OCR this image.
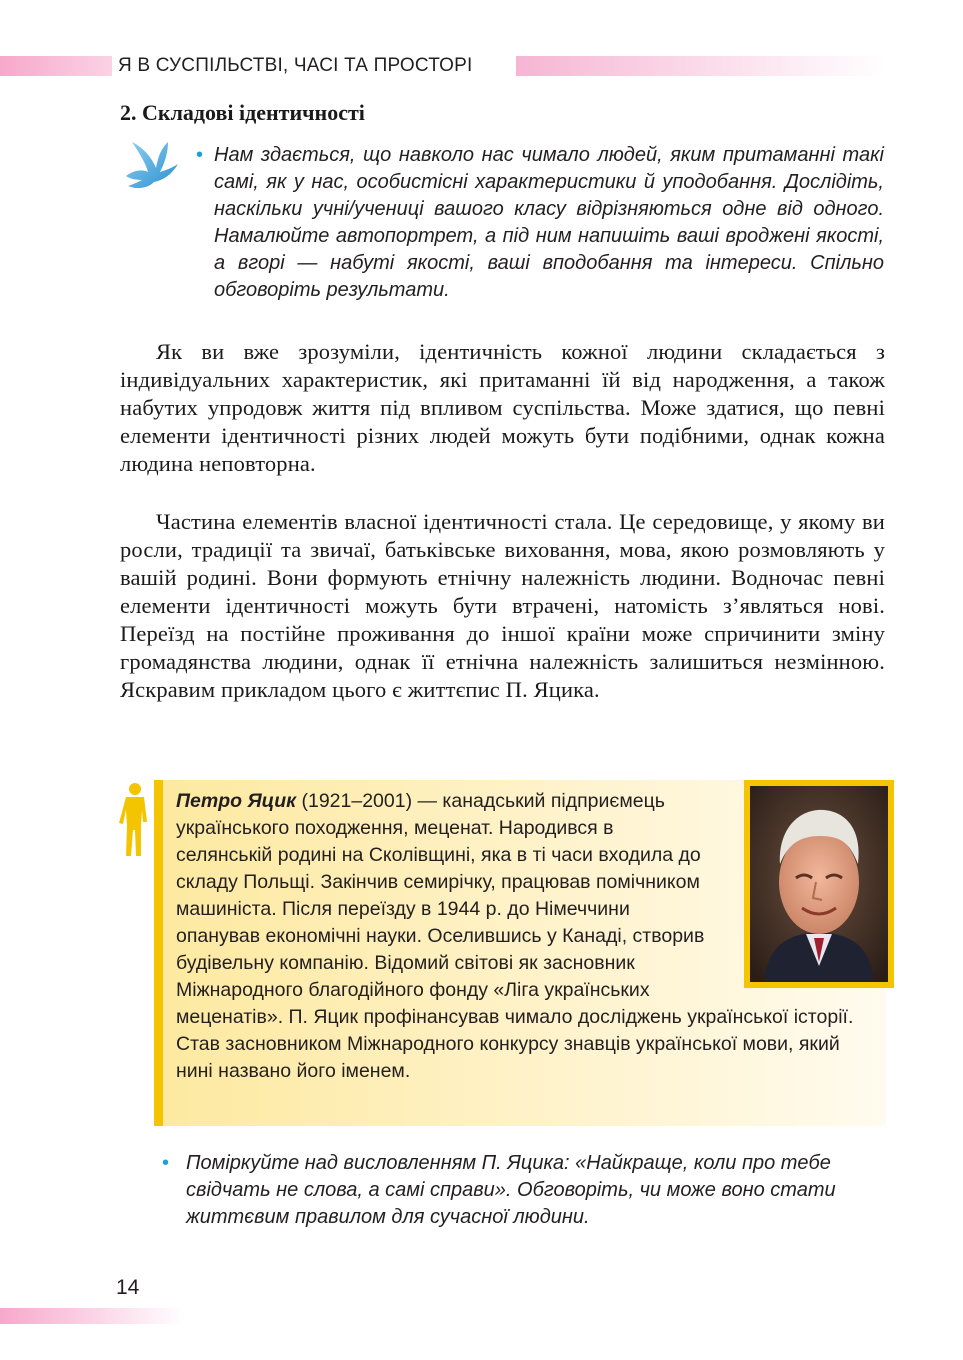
Я В СУСПІЛЬСТВІ, ЧАСІ ТА ПРОСТОРІ
2. Складові ідентичності

• Нам здається, що навколо нас чимало людей, яким притаманні такі самі, як у нас, особистісні характеристики й уподобання. Дослідіть, наскільки учні/учениці вашого класу відрізняються одне від одного. Намалюйте автопортрет, а під ним напишіть ваші вроджені якості, а вгорі — набуті якості, ваші вподобання та інтереси. Спільно обговоріть результати.

Як ви вже зрозуміли, ідентичність кожної людини складається з індивідуальних характеристик, які притаманні їй від народження, а також набутих упродовж життя під впливом суспільства. Може здатися, що певні елементи ідентичності різних людей можуть бути подібними, однак кожна людина неповторна.

Частина елементів власної ідентичності стала. Це середовище, у якому ви росли, традиції та звичаї, батьківське виховання, мова, якою розмовляють у вашій родині. Вони формують етнічну належність людини. Водночас певні елементи ідентичності можуть бути втрачені, натомість з’являться нові. Переїзд на постійне проживання до іншої країни може спричинити зміну громадянства людини, однак її етнічна належність залишиться незмінною. Яскравим прикладом цього є життєпис П. Яцика.

Петро Яцик (1921–2001) — канадський підприємець українського походження, меценат. Народився в селянській родині на Сколівщині, яка в ті часи входила до складу Польщі. Закінчив семирічку, працював помічником машиніста. Після переїзду в 1944 р. до Німеччини опанував економічні науки. Оселившись у Канаді, створив будівельну компанію. Відомий світові як засновник Міжнародного благодійного фонду «Ліга українських меценатів». П. Яцик профінансував чимало досліджень української історії. Став засновником Міжнародного конкурсу знавців української мови, який нині названо його іменем.

• Поміркуйте над висловленням П. Яцика: «Найкраще, коли про тебе свідчать не слова, а самі справи». Обговоріть, чи може воно стати життєвим правилом для сучасної людини.

14
